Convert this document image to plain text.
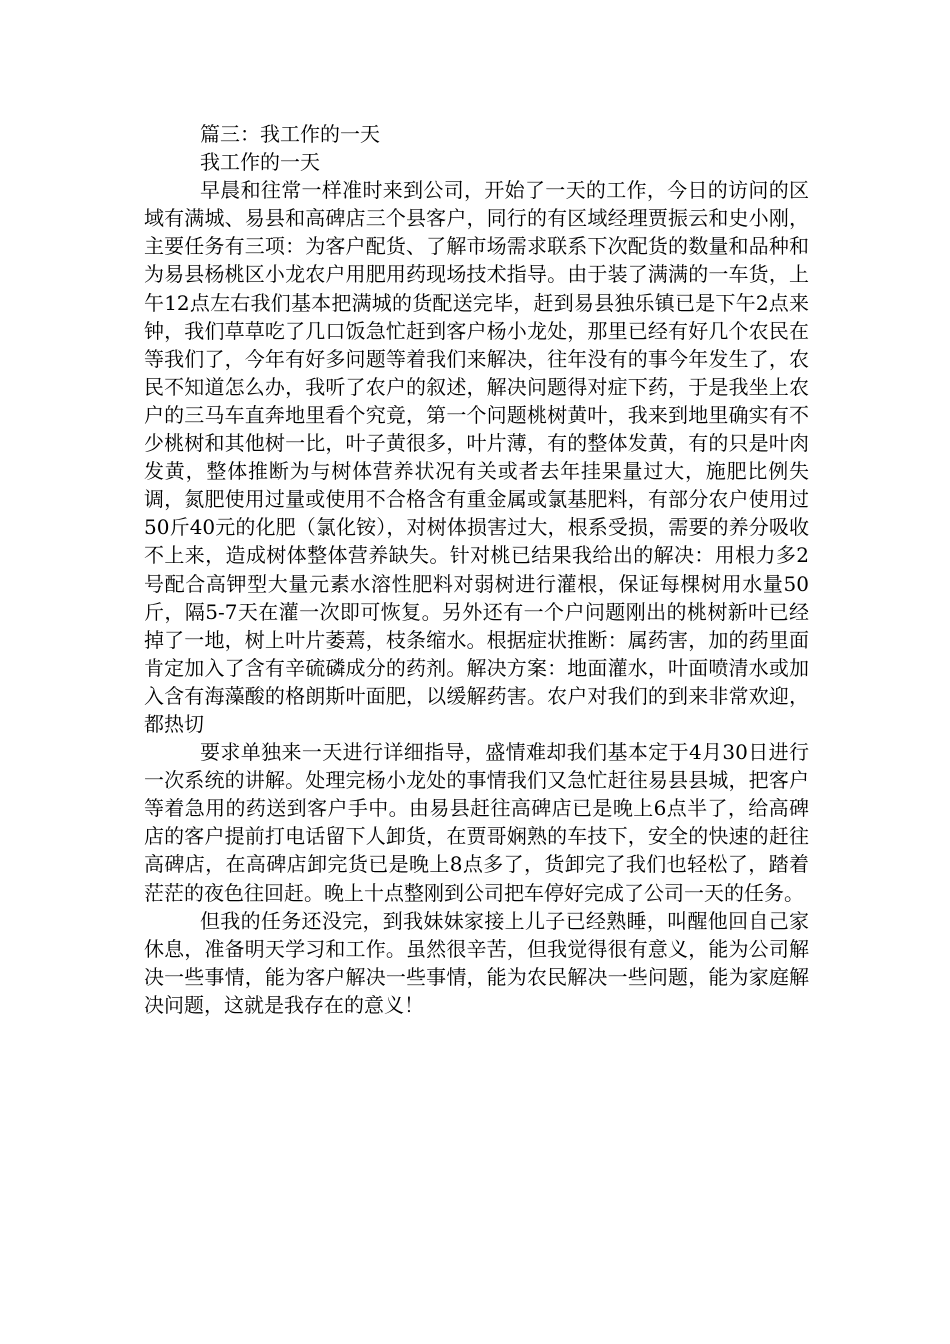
篇三：我工作的一天
我工作的一天

早晨和往常一样准时来到公司，开始了一天的工作，今日的访问的区域有满城、易县和高碑店三个县客户，同行的有区域经理贾振云和史小刚，主要任务有三项：为客户配货、了解市场需求联系下次配货的数量和品种和为易县杨桃区小龙农户用肥用药现场技术指导。由于装了满满的一车货，上午12点左右我们基本把满城的货配送完毕，赶到易县独乐镇已是下午2点来钟，我们草草吃了几口饭急忙赶到客户杨小龙处，那里已经有好几个农民在等我们了，今年有好多问题等着我们来解决，往年没有的事今年发生了，农民不知道怎么办，我听了农户的叙述，解决问题得对症下药，于是我坐上农户的三马车直奔地里看个究竟，第一个问题桃树黄叶，我来到地里确实有不少桃树和其他树一比，叶子黄很多，叶片薄，有的整体发黄，有的只是叶肉发黄，整体推断为与树体营养状况有关或者去年挂果量过大，施肥比例失调，氮肥使用过量或使用不合格含有重金属或氯基肥料，有部分农户使用过50斤40元的化肥（氯化铵），对树体损害过大，根系受损，需要的养分吸收不上来，造成树体整体营养缺失。针对桃已结果我给出的解决：用根力多2号配合高钾型大量元素水溶性肥料对弱树进行灌根，保证每棵树用水量50斤，隔5-7天在灌一次即可恢复。另外还有一个户问题刚出的桃树新叶已经掉了一地，树上叶片萎蔫，枝条缩水。根据症状推断：属药害，加的药里面肯定加入了含有辛硫磷成分的药剂。解决方案：地面灌水，叶面喷清水或加入含有海藻酸的格朗斯叶面肥，以缓解药害。农户对我们的到来非常欢迎，都热切

要求单独来一天进行详细指导，盛情难却我们基本定于4月30日进行一次系统的讲解。处理完杨小龙处的事情我们又急忙赶往易县县城，把客户等着急用的药送到客户手中。由易县赶往高碑店已是晚上6点半了，给高碑店的客户提前打电话留下人卸货，在贾哥娴熟的车技下，安全的快速的赶往高碑店，在高碑店卸完货已是晚上8点多了，货卸完了我们也轻松了，踏着茫茫的夜色往回赶。晚上十点整刚到公司把车停好完成了公司一天的任务。

但我的任务还没完，到我妹妹家接上儿子已经熟睡，叫醒他回自己家休息，准备明天学习和工作。虽然很辛苦，但我觉得很有意义，能为公司解决一些事情，能为客户解决一些事情，能为农民解决一些问题，能为家庭解决问题，这就是我存在的意义！
